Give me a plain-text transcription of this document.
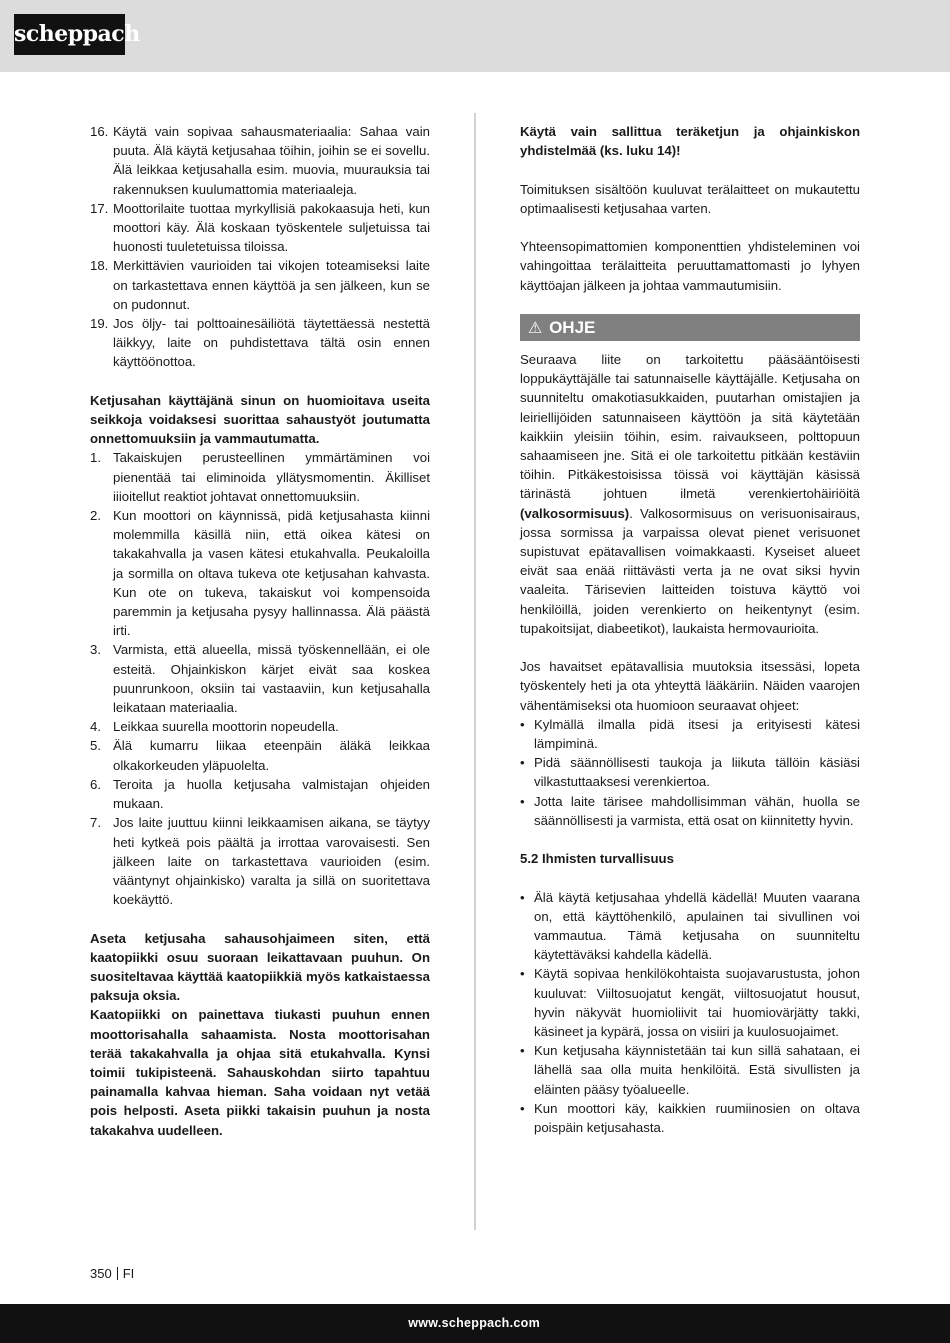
scheppach
16. Käytä vain sopivaa sahausmateriaalia: Sahaa vain puuta. Älä käytä ketjusahaa töihin, joihin se ei sovellu. Älä leikkaa ketjusahalla esim. muovia, muurauksia tai rakennuksen kuulumattomia materiaaleja.
17. Moottorilaite tuottaa myrkyllisiä pakokaasuja heti, kun moottori käy. Älä koskaan työskentele suljetuissa tai huonosti tuuletetuissa tiloissa.
18. Merkittävien vaurioiden tai vikojen toteamiseksi laite on tarkastettava ennen käyttöä ja sen jälkeen, kun se on pudonnut.
19. Jos öljy- tai polttoainesäiliötä täytettäessä nestettä läikkyy, laite on puhdistettava tältä osin ennen käyttöönottoa.

Ketjusahan käyttäjänä sinun on huomioitava useita seikkoja voidaksesi suorittaa sahaustyöt joutumatta onnettomuuksiin ja vammautumatta.

1. Takaiskujen perusteellinen ymmärtäminen voi pienentää tai eliminoida yllätysmomentin. Äkilliset iiioitellut reaktiot johtavat onnettomuuksiin.
2. Kun moottori on käynnissä, pidä ketjusahasta kiinni molemmilla käsillä niin, että oikea kätesi on takakahvalla ja vasen kätesi etukahvalla. Peukaloilla ja sormilla on oltava tukeva ote ketjusahan kahvasta. Kun ote on tukeva, takaiskut voi kompensoida paremmin ja ketjusaha pysyy hallinnassa. Älä päästä irti.
3. Varmista, että alueella, missä työskennellään, ei ole esteitä. Ohjainkiskon kärjet eivät saa koskea puunrunkoon, oksiin tai vastaaviin, kun ketjusahalla leikataan materiaalia.
4. Leikkaa suurella moottorin nopeudella.
5. Älä kumarru liikaa eteenpäin äläkä leikkaa olkakorkeuden yläpuolelta.
6. Teroita ja huolla ketjusaha valmistajan ohjeiden mukaan.
7. Jos laite juuttuu kiinni leikkaamisen aikana, se täytyy heti kytkeä pois päältä ja irrottaa varovaisesti. Sen jälkeen laite on tarkastettava vaurioiden (esim. vääntynyt ohjainkisko) varalta ja sillä on suoritettava koekäyttö.

Aseta ketjusaha sahausohjaimeen siten, että kaatopiikki osuu suoraan leikattavaan puuhun. On suositeltavaa käyttää kaatopiikkiä myös katkaistaessa paksuja oksia.

Kaatopiikki on painettava tiukasti puuhun ennen moottorisahalla sahaamista. Nosta moottorisahan terää takakahvalla ja ohjaa sitä etukahvalla. Kynsi toimii tukipisteenä. Sahauskohdan siirto tapahtuu painamalla kahvaa hieman. Saha voidaan nyt vetää pois helposti. Aseta piikki takaisin puuhun ja nosta takakahva uudelleen.

Käytä vain sallittua teräketjun ja ohjainkiskon yhdistelmää (ks. luku 14)!

Toimituksen sisältöön kuuluvat terälaitteet on mukautettu optimaalisesti ketjusahaa varten.

Yhteensopimattomien komponenttien yhdisteleminen voi vahingoittaa terälaitteita peruuttamattomasti jo lyhyen käyttöajan jälkeen ja johtaa vammautumisiin.

⚠ OHJE

Seuraava liite on tarkoitettu pääsääntöisesti loppukäyttäjälle tai satunnaiselle käyttäjälle. Ketjusaha on suunniteltu omakotiasukkaiden, puutarhan omistajien ja leiriellijöiden satunnaiseen käyttöön ja sitä käytetään kaikkiin yleisiin töihin, esim. raivaukseen, polttopuun sahaamiseen jne. Sitä ei ole tarkoitettu pitkään kestäviin töihin. Pitkäkestoisissa töissä voi käyttäjän käsissä tärinästä johtuen ilmetä verenkiertohäiriöitä (valkosormisuus). Valkosormisuus on verisuonisairaus, jossa sormissa ja varpaissa olevat pienet verisuonet supistuvat epätavallisen voimakkaasti. Kyseiset alueet eivät saa enää riittävästi verta ja ne ovat siksi hyvin vaaleita. Tärisevien laitteiden toistuva käyttö voi henkilöillä, joiden verenkierto on heikentynyt (esim. tupakoitsijat, diabeetikot), laukaista hermovaurioita.

Jos havaitset epätavallisia muutoksia itsessäsi, lopeta työskentely heti ja ota yhteyttä lääkäriin. Näiden vaarojen vähentämiseksi ota huomioon seuraavat ohjeet:

• Kylmällä ilmalla pidä itsesi ja erityisesti kätesi lämpiminä.
• Pidä säännöllisesti taukoja ja liikuta tällöin käsiäsi vilkastuttaaksesi verenkiertoa.
• Jotta laite tärisee mahdollisimman vähän, huolla se säännöllisesti ja varmista, että osat on kiinnitetty hyvin.

5.2 Ihmisten turvallisuus

• Älä käytä ketjusahaa yhdellä kädellä! Muuten vaarana on, että käyttöhenkilö, apulainen tai sivullinen voi vammautua. Tämä ketjusaha on suunniteltu käytettäväksi kahdella kädellä.
• Käytä sopivaa henkilökohtaista suojavarustusta, johon kuuluvat: Viiltosuojatut kengät, viiltosuojatut housut, hyvin näkyvät huomioliivit tai huomiovärjätty takki, käsineet ja kypärä, jossa on visiiri ja kuulosuojaimet.
• Kun ketjusaha käynnistetään tai kun sillä sahataan, ei lähellä saa olla muita henkilöitä. Estä sivullisten ja eläinten pääsy työalueelle.
• Kun moottori käy, kaikkien ruumiinosien on oltava poispäin ketjusahasta.
350 FI
www.scheppach.com
